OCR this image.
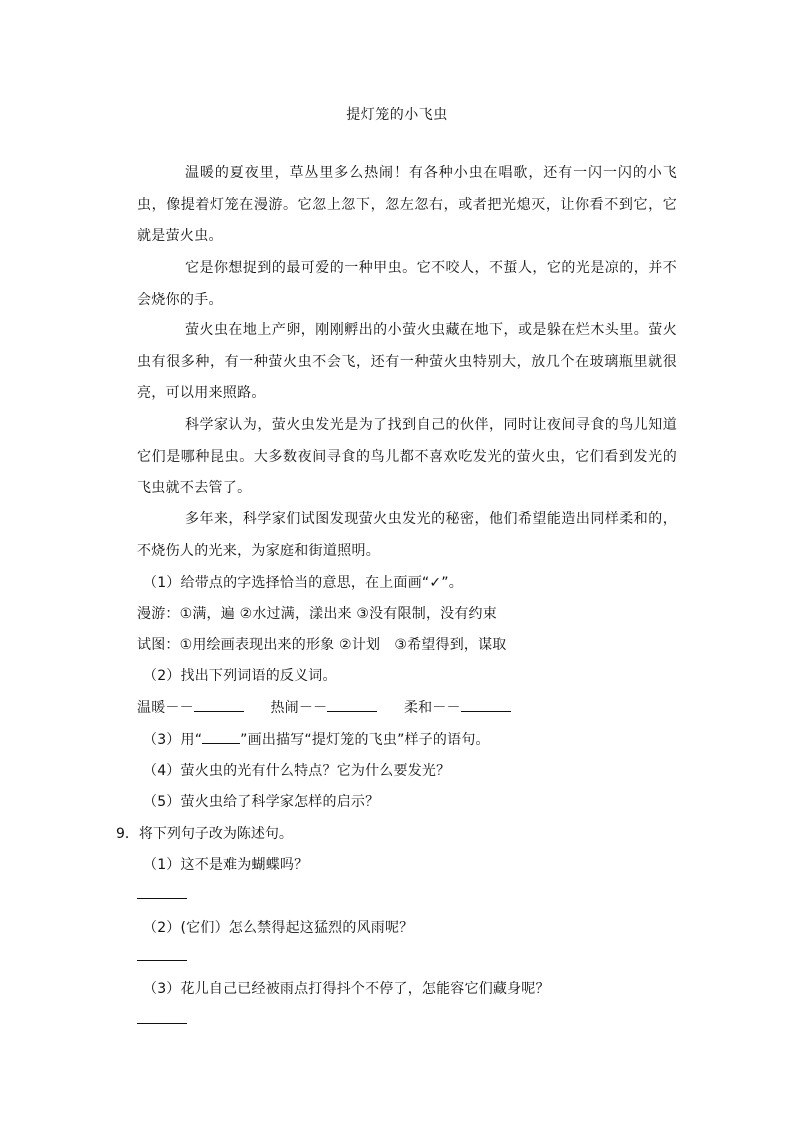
提灯笼的小飞虫
温暖的夏夜里，草丛里多么热闹！有各种小虫在唱歌，还有一闪一闪的小飞虫，像提着灯笼在漫游。它忽上忽下，忽左忽右，或者把光熄灭，让你看不到它，它就是萤火虫。
它是你想捉到的最可爱的一种甲虫。它不咬人，不蜇人，它的光是凉的，并不会烧你的手。
萤火虫在地上产卵，刚刚孵出的小萤火虫藏在地下，或是躲在烂木头里。萤火虫有很多种，有一种萤火虫不会飞，还有一种萤火虫特别大，放几个在玻璃瓶里就很亮，可以用来照路。
科学家认为，萤火虫发光是为了找到自己的伙伴，同时让夜间寻食的鸟儿知道它们是哪种昆虫。大多数夜间寻食的鸟儿都不喜欢吃发光的萤火虫，它们看到发光的飞虫就不去管了。
多年来，科学家们试图发现萤火虫发光的秘密，他们希望能造出同样柔和的，不烧伤人的光来，为家庭和街道照明。
（1）给带点的字选择恰当的意思，在上面画“✓”。
漫游：①满，遍 ②水过满，漾出来 ③没有限制，没有约束
试图：①用绘画表现出来的形象 ②计划　③希望得到，谋取
（2）找出下列词语的反义词。
温暖－－	热闹－－	柔和－－
（3）用“	”画出描写“提灯笼的飞虫”样子的语句。
（4）萤火虫的光有什么特点？它为什么要发光？
（5）萤火虫给了科学家怎样的启示？
9．将下列句子改为陈述句。
（1）这不是难为蝴蝶吗？
（2）(它们）怎么禁得起这猛烈的风雨呢？
（3）花儿自己已经被雨点打得抖个不停了，怎能容它们藏身呢？
